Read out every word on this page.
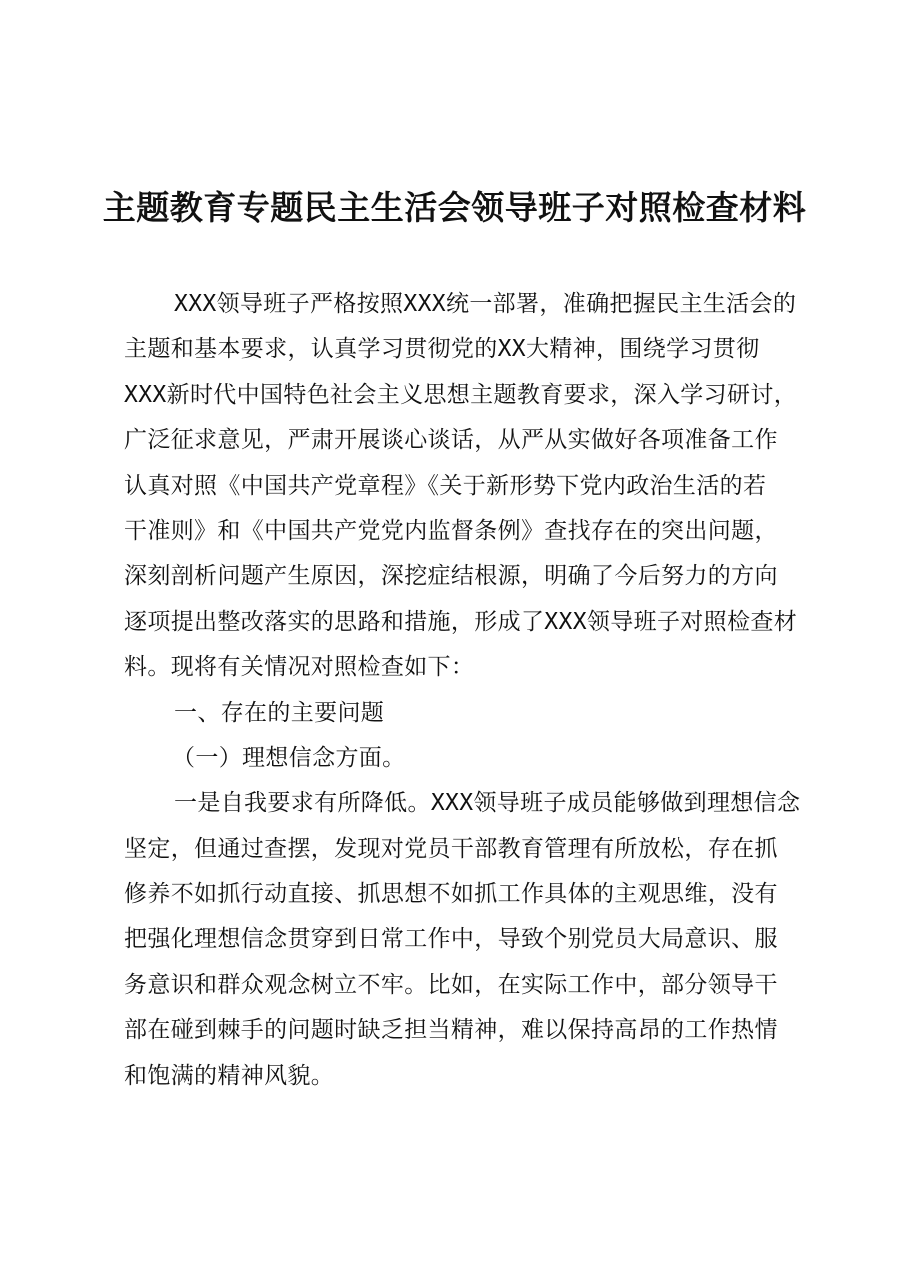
主题教育专题民主生活会领导班子对照检查材料
XXX领导班子严格按照XXX统一部署，准确把握民主生活会的
主题和基本要求，认真学习贯彻党的XX大精神，围绕学习贯彻
XXX新时代中国特色社会主义思想主题教育要求，深入学习研讨，
广泛征求意见，严肃开展谈心谈话，从严从实做好各项准备工作
认真对照《中国共产党章程》《关于新形势下党内政治生活的若
干准则》和《中国共产党党内监督条例》查找存在的突出问题，
深刻剖析问题产生原因，深挖症结根源，明确了今后努力的方向
逐项提出整改落实的思路和措施，形成了XXX领导班子对照检查材
料。现将有关情况对照检查如下：
一、存在的主要问题
（一）理想信念方面。
一是自我要求有所降低。XXX领导班子成员能够做到理想信念
坚定，但通过查摆，发现对党员干部教育管理有所放松，存在抓
修养不如抓行动直接、抓思想不如抓工作具体的主观思维，没有
把强化理想信念贯穿到日常工作中，导致个别党员大局意识、服
务意识和群众观念树立不牢。比如，在实际工作中，部分领导干
部在碰到棘手的问题时缺乏担当精神，难以保持高昂的工作热情
和饱满的精神风貌。
